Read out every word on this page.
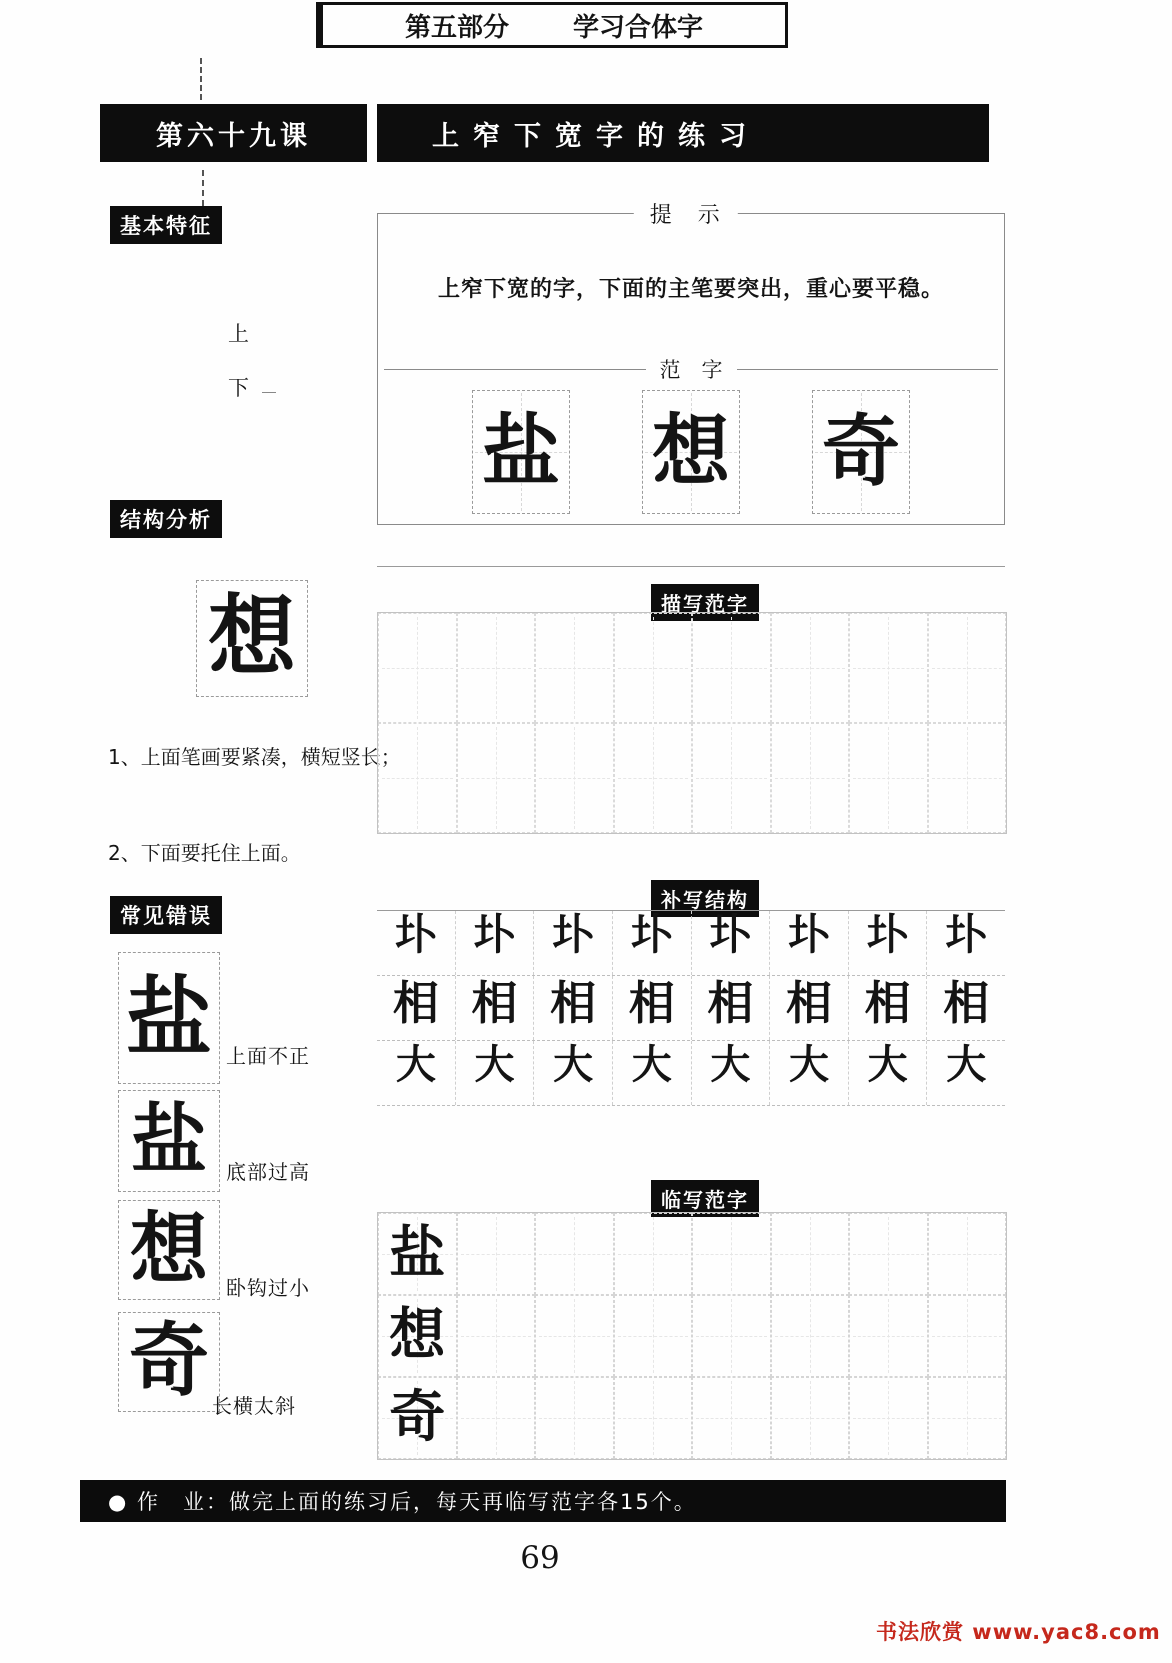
第五部分 学习合体字
第六十九课	上窄下宽字的练习
基本特征
上
下
结构分析
想

1、上面笔画要紧凑，横短竖长；

2、下面要托住上面。

常见错误
盐 上面不正
盐 底部过高
想 卧钩过小
奇 长横太斜
提　示
上窄下宽的字，下面的主笔要突出，重心要平稳。
范　字
盐 想 奇
描写范字
补写结构
圤 圤 圤 圤 圤 圤 圤 圤
相 相 相 相 相 相 相 相
大 大 大 大 大 大 大 大
临写范字
盐
想
奇
● 作　业：做完上面的练习后，每天再临写范字各15个。
69
书法欣赏 www.yac8.com
